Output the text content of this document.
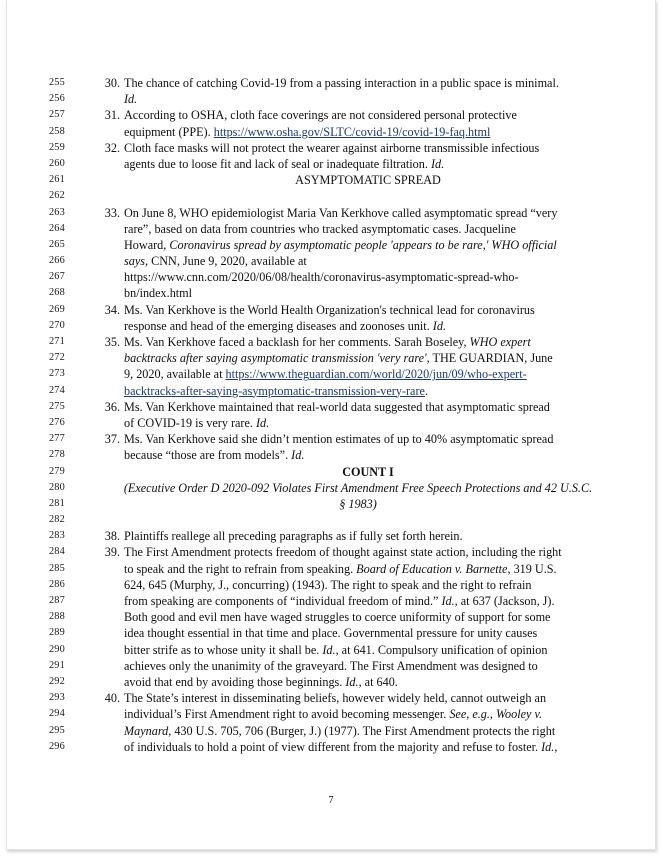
255	30. The chance of catching Covid-19 from a passing interaction in a public space is minimal.
256	Id.
257	31. According to OSHA, cloth face coverings are not considered personal protective
258	equipment (PPE). https://www.osha.gov/SLTC/covid-19/covid-19-faq.html
259	32. Cloth face masks will not protect the wearer against airborne transmissible infectious
260	agents due to loose fit and lack of seal or inadequate filtration. Id.
261	ASYMPTOMATIC SPREAD
262
263	33. On June 8, WHO epidemiologist Maria Van Kerkhove called asymptomatic spread “very
264	rare”, based on data from countries who tracked asymptomatic cases. Jacqueline
265	Howard, Coronavirus spread by asymptomatic people 'appears to be rare,' WHO official
266	says, CNN, June 9, 2020, available at
267	https://www.cnn.com/2020/06/08/health/coronavirus-asymptomatic-spread-who-
268	bn/index.html
269	34. Ms. Van Kerkhove is the World Health Organization's technical lead for coronavirus
270	response and head of the emerging diseases and zoonoses unit. Id.
271	35. Ms. Van Kerkhove faced a backlash for her comments. Sarah Boseley, WHO expert
272	backtracks after saying asymptomatic transmission 'very rare', THE GUARDIAN, June
273	9, 2020, available at https://www.theguardian.com/world/2020/jun/09/who-expert-
274	backtracks-after-saying-asymptomatic-transmission-very-rare.
275	36. Ms. Van Kerkhove maintained that real-world data suggested that asymptomatic spread
276	of COVID-19 is very rare. Id.
277	37. Ms. Van Kerkhove said she didn’t mention estimates of up to 40% asymptomatic spread
278	because “those are from models”. Id.
279	COUNT I
280	(Executive Order D 2020-092 Violates First Amendment Free Speech Protections and 42 U.S.C.
281	§ 1983)
282
283	38. Plaintiffs reallege all preceding paragraphs as if fully set forth herein.
284	39. The First Amendment protects freedom of thought against state action, including the right
285	to speak and the right to refrain from speaking. Board of Education v. Barnette, 319 U.S.
286	624, 645 (Murphy, J., concurring) (1943). The right to speak and the right to refrain
287	from speaking are components of “individual freedom of mind.” Id., at 637 (Jackson, J).
288	Both good and evil men have waged struggles to coerce uniformity of support for some
289	idea thought essential in that time and place. Governmental pressure for unity causes
290	bitter strife as to whose unity it shall be. Id., at 641. Compulsory unification of opinion
291	achieves only the unanimity of the graveyard. The First Amendment was designed to
292	avoid that end by avoiding those beginnings. Id., at 640.
293	40. The State’s interest in disseminating beliefs, however widely held, cannot outweigh an
294	individual’s First Amendment right to avoid becoming messenger. See, e.g., Wooley v.
295	Maynard, 430 U.S. 705, 706 (Burger, J.) (1977). The First Amendment protects the right
296	of individuals to hold a point of view different from the majority and refuse to foster. Id.,
7
